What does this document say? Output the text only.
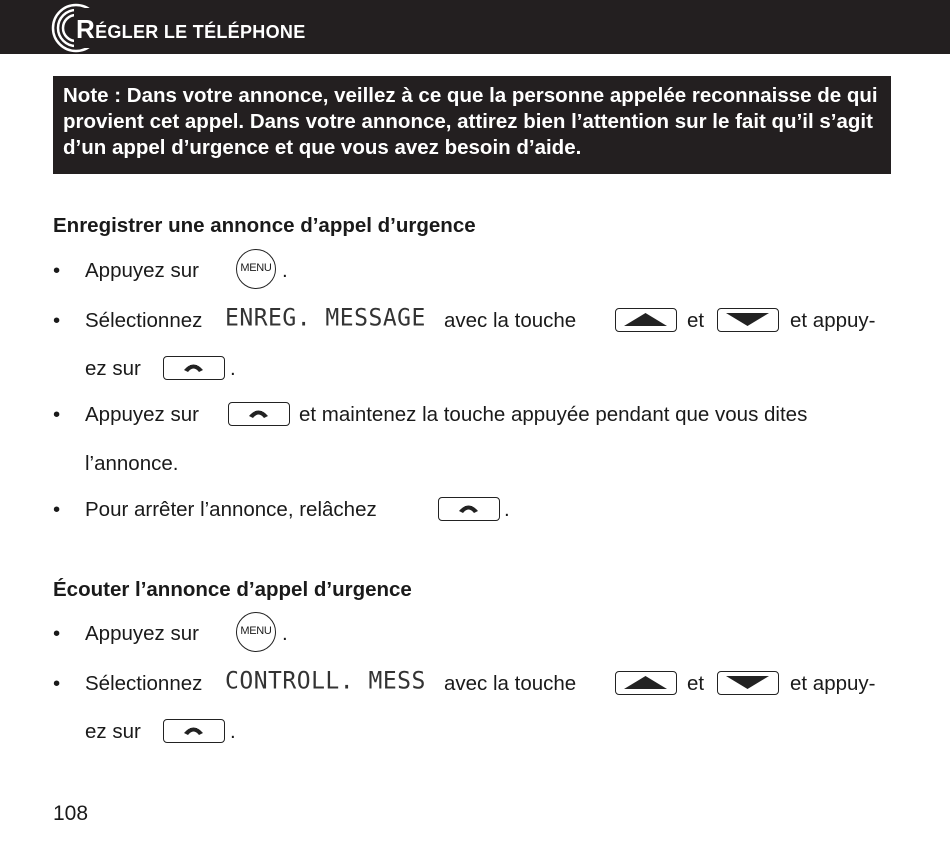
RÉGLER LE TÉLÉPHONE
Note : Dans votre annonce, veillez à ce que la personne appelée reconnaisse de qui provient cet appel. Dans votre annonce, attirez bien l’attention sur le fait qu’il s’agit d’un appel d’urgence et que vous avez besoin d’aide.
Enregistrer une annonce d’appel d’urgence
•	Appuyez sur	MENU .
•	Sélectionnez ENREG. MESSAGE avec la touche	et	et appuy-
ez sur	.
•	Appuyez sur	et maintenez la touche appuyée pendant que vous dites
l’annonce.
•	Pour arrêter l’annonce, relâchez	.
Écouter l’annonce d’appel d’urgence
•	Appuyez sur	MENU .
•	Sélectionnez CONTROLL. MESS avec la touche	et	et appuy-
ez sur	.
108
